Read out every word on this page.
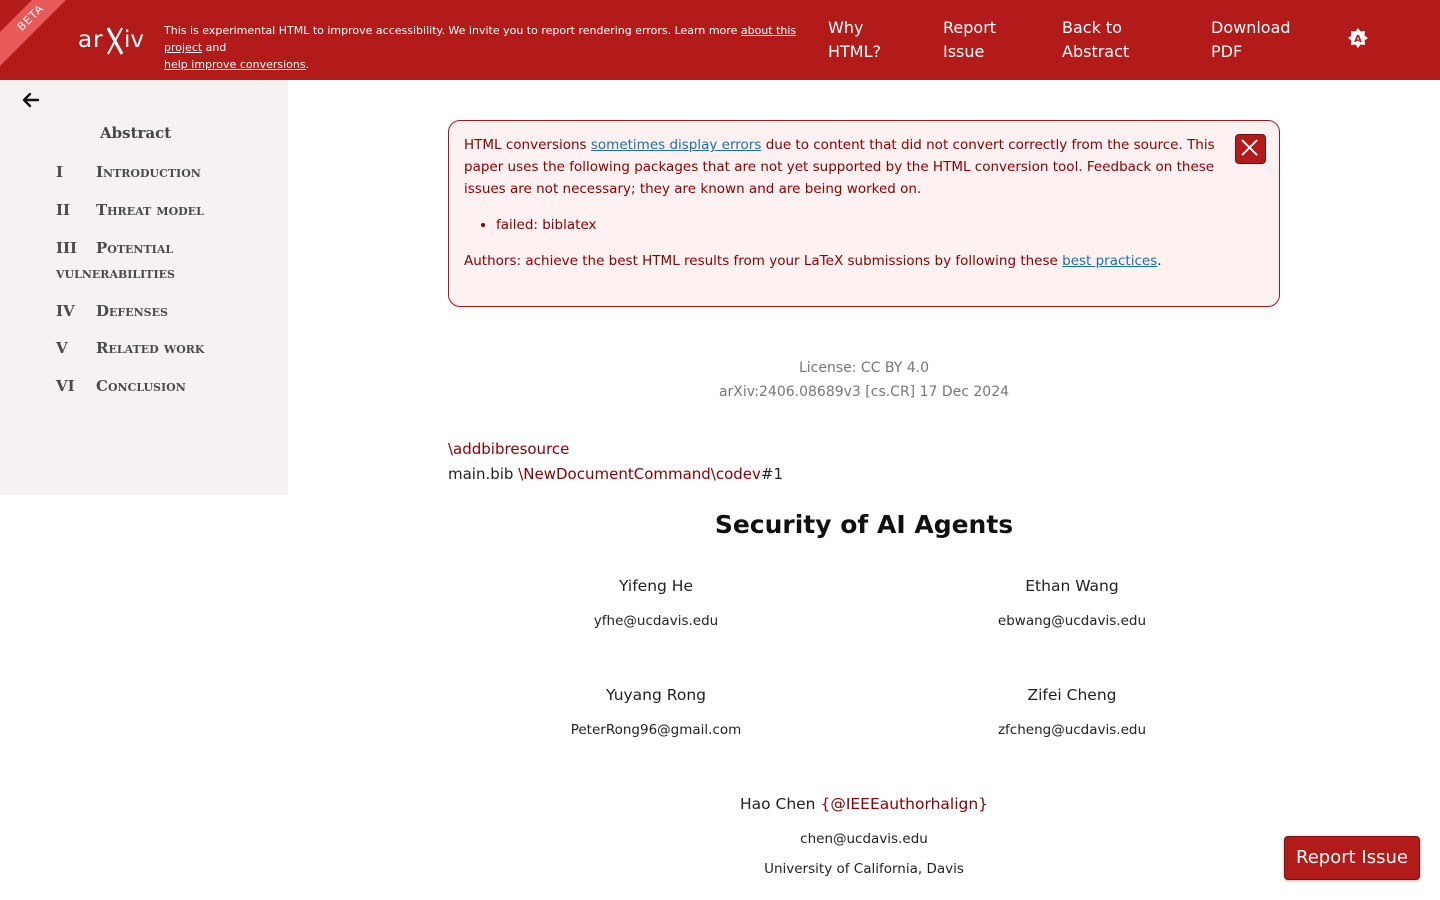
BETA
ar iv This is experimental HTML to improve accessibility. We invite you to report rendering errors. Learn more about this project and
help improve conversions.
Why
HTML?
Report
Issue
Back to
Abstract
Download
PDF
A
Abstract
I Introduction
II Threat model
III Potential vulnerabilities
IV Defenses
V Related work
VI Conclusion

HTML conversions sometimes display errors due to content that did not convert correctly from the source. This paper uses the following packages that are not yet supported by the HTML conversion tool. Feedback on these issues are not necessary; they are known and are being worked on.

• failed: biblatex

Authors: achieve the best HTML results from your LaTeX submissions by following these best practices.

License: CC BY 4.0
arXiv:2406.08689v3 [cs.CR] 17 Dec 2024
\addbibresource
main.bib \NewDocumentCommand\codev#1
Security of AI Agents
Yifeng He
yfhe@ucdavis.edu
Ethan Wang
ebwang@ucdavis.edu
Yuyang Rong
PeterRong96@gmail.com
Zifei Cheng
zfcheng@ucdavis.edu
Hao Chen {@IEEEauthorhalign}
chen@ucdavis.edu
University of California, Davis
Report Issue
